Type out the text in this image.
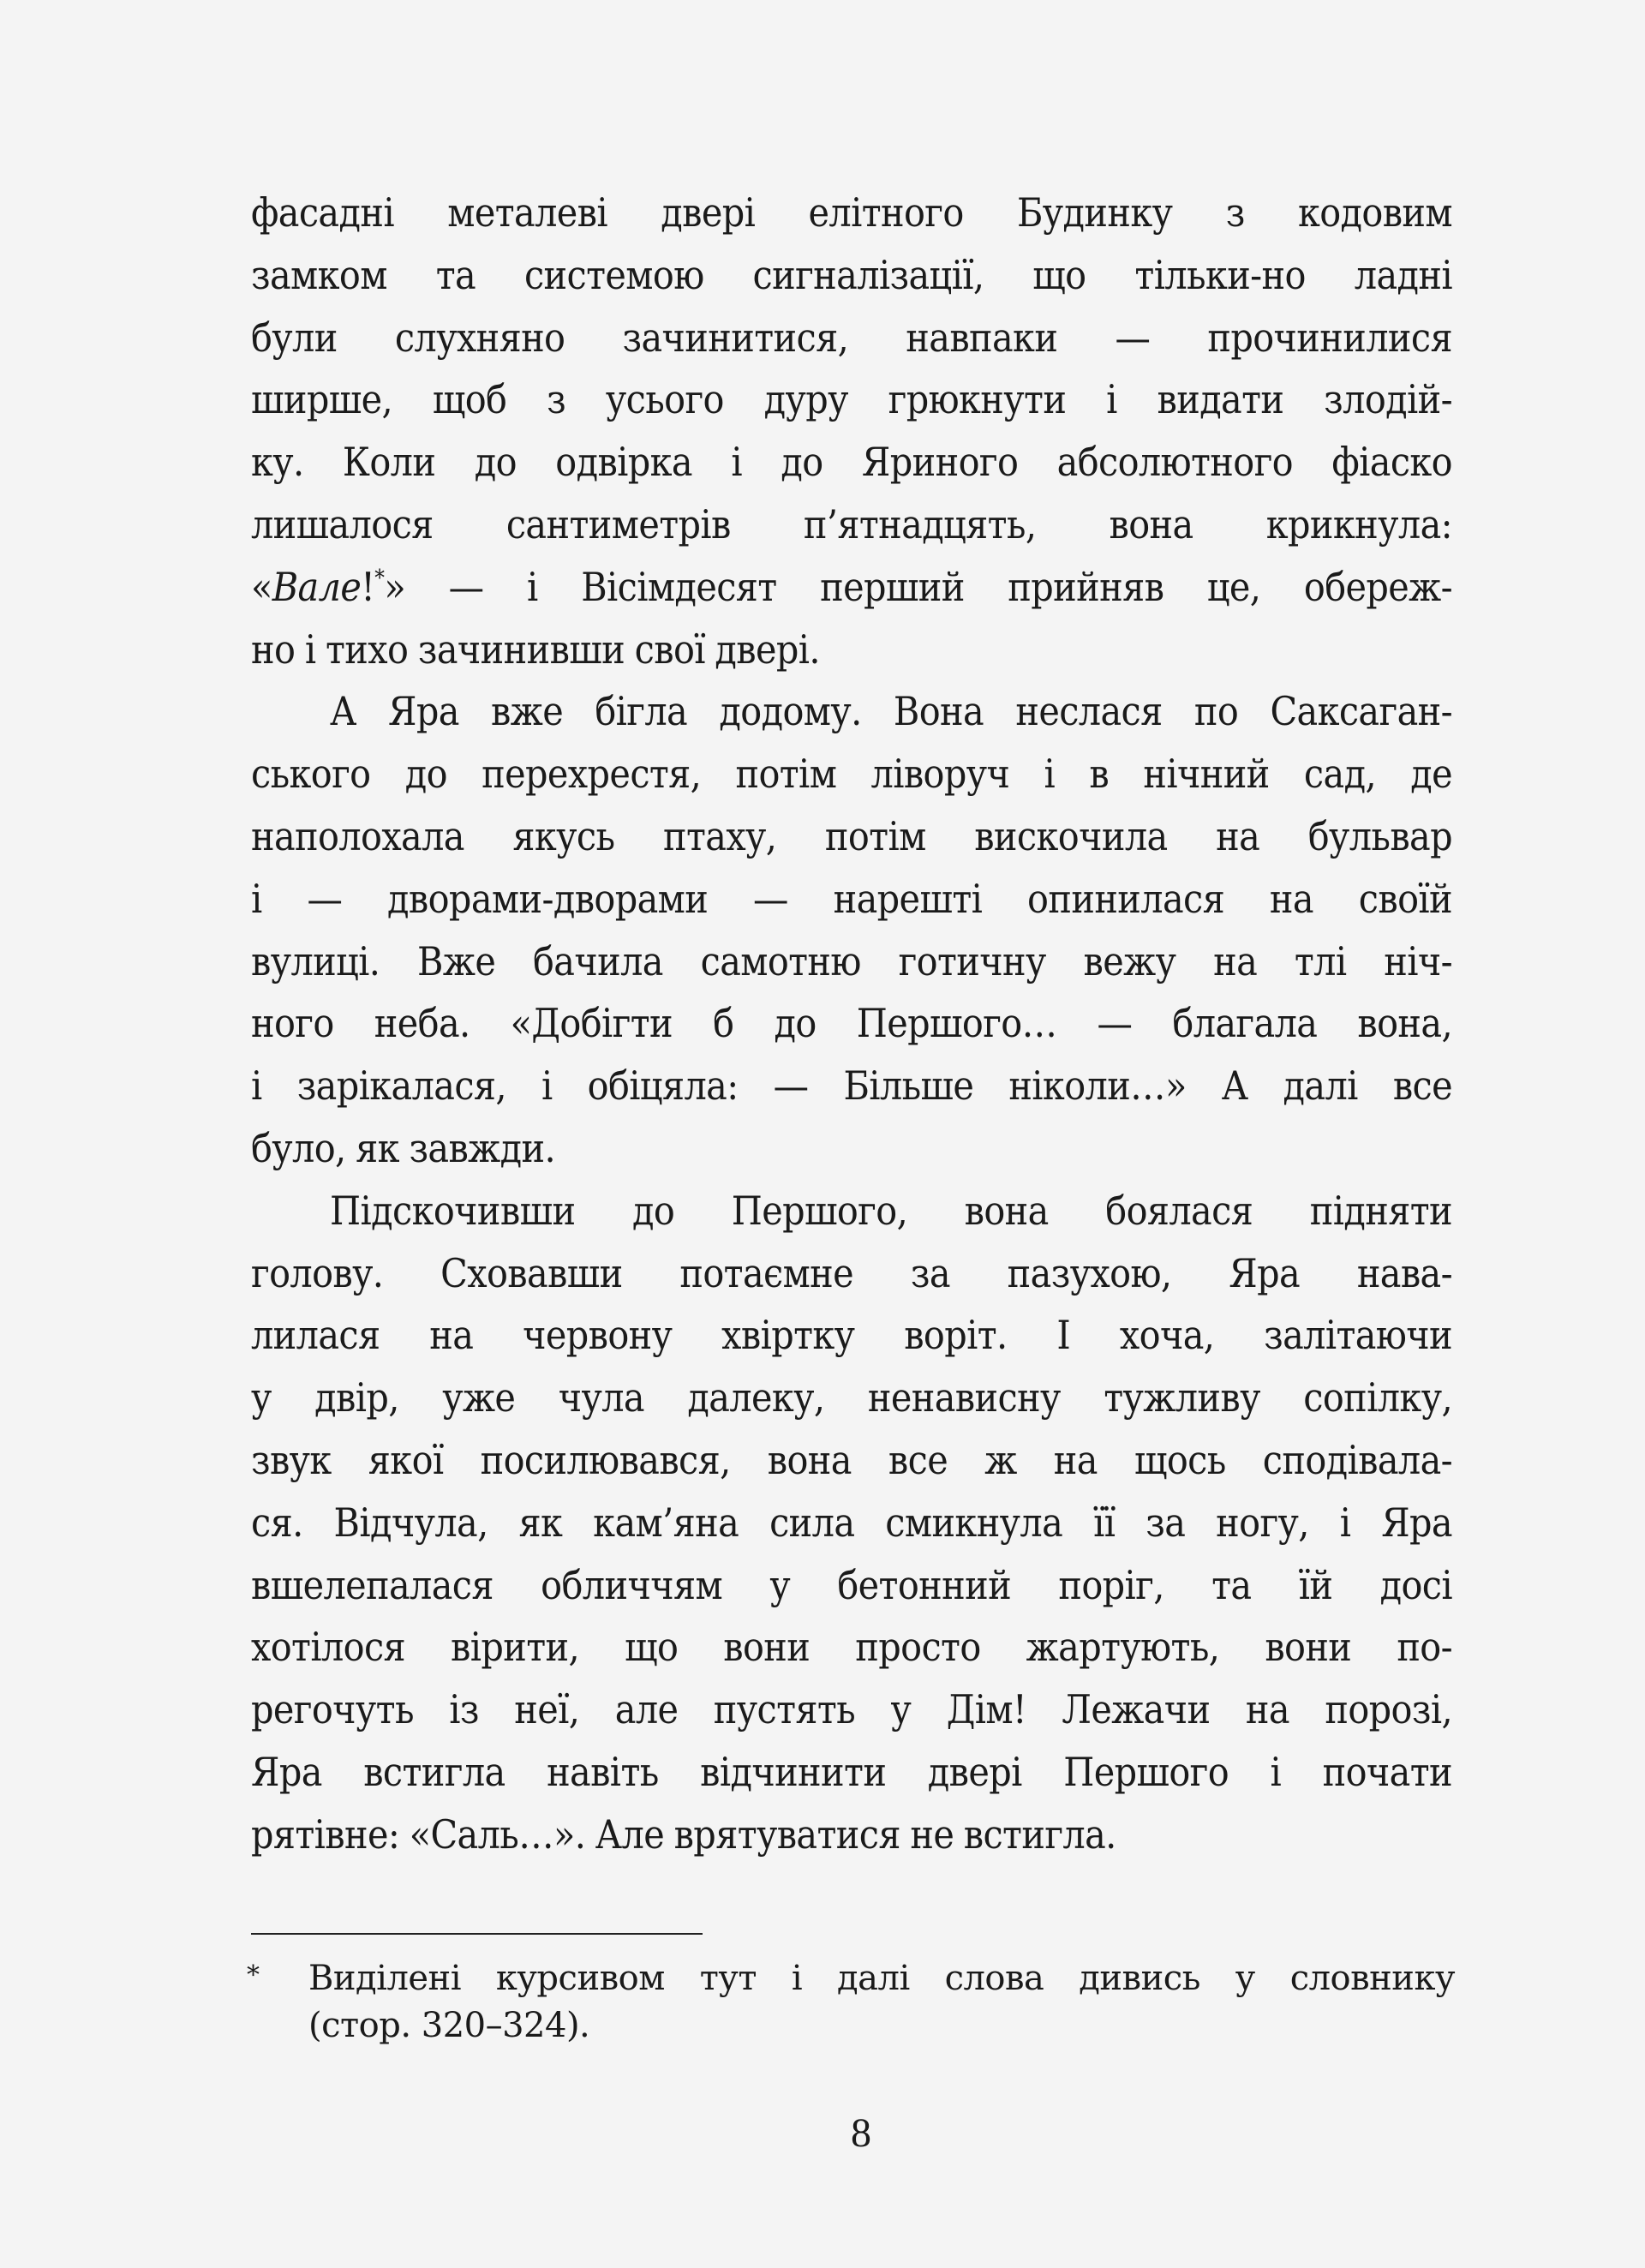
фасадні металеві двері елітного Будинку з кодовим
замком та системою сигналізації, що тільки-но ладні
були слухняно зачинитися, навпаки — прочинилися
ширше, щоб з усього дуру грюкнути і видати злодій-
ку. Коли до одвірка і до Яриного абсолютного фіаско
лишалося сантиметрів п’ятнадцять, вона крикнула:
«Вале!*» — і Вісімдесят перший прийняв це, обереж-
но і тихо зачинивши свої двері.
А Яра вже бігла додому. Вона неслася по Саксаган-
ського до перехрестя, потім ліворуч і в нічний сад, де
наполохала якусь птаху, потім вискочила на бульвар
і — дворами-дворами — нарешті опинилася на своїй
вулиці. Вже бачила самотню готичну вежу на тлі ніч-
ного неба. «Добігти б до Першого… — благала вона,
і зарікалася, і обіцяла: — Більше ніколи…» А далі все
було, як завжди.
Підскочивши до Першого, вона боялася підняти
голову. Сховавши потаємне за пазухою, Яра нава-
лилася на червону хвіртку воріт. І хоча, залітаючи
у двір, уже чула далеку, ненависну тужливу сопілку,
звук якої посилювався, вона все ж на щось сподівала-
ся. Відчула, як кам’яна сила смикнула її за ногу, і Яра
вшелепалася обличчям у бетонний поріг, та їй досі
хотілося вірити, що вони просто жартують, вони по-
регочуть із неї, але пустять у Дім! Лежачи на порозі,
Яра встигла навіть відчинити двері Першого і почати
рятівне: «Саль…». Але врятуватися не встигла.
* Виділені курсивом тут і далі слова дивись у словнику
(стор. 320–324).
8
